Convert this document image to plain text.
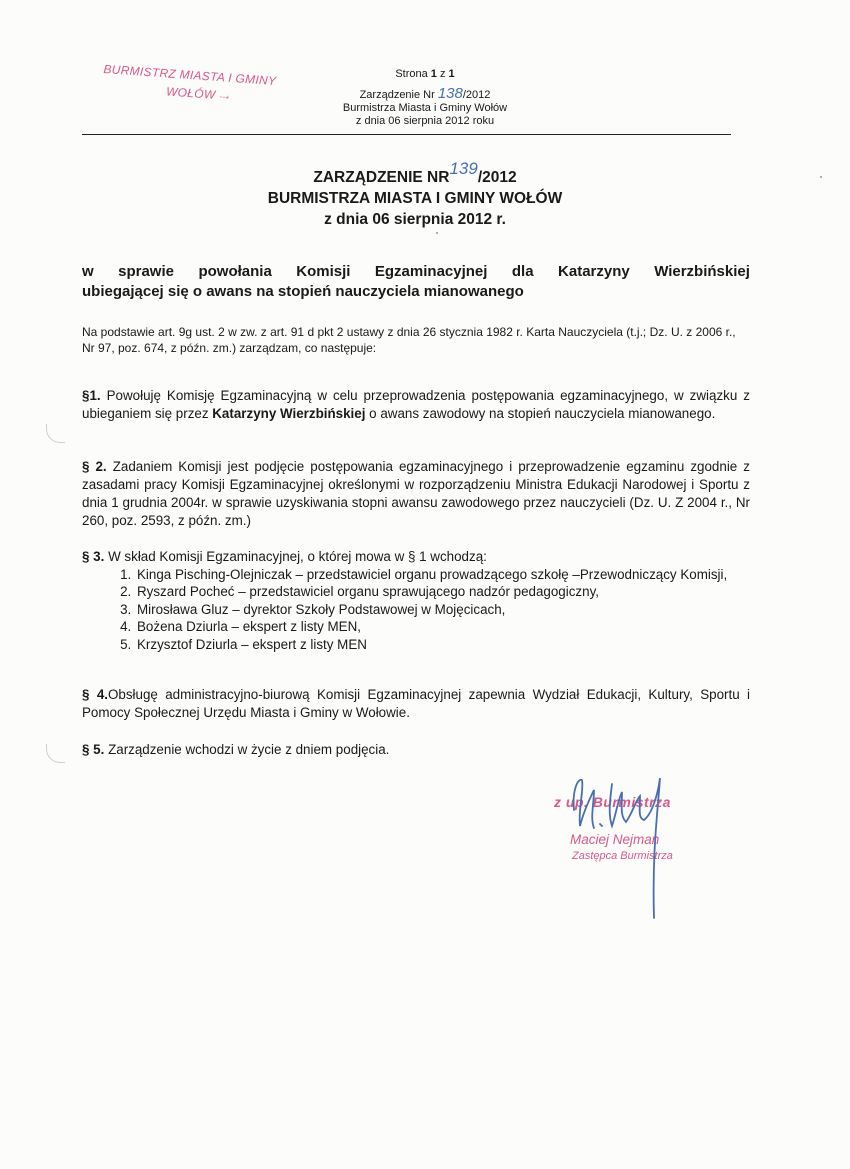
BURMISTRZ MIASTA I GMINY
WOŁÓW ⤏
Strona 1 z 1
Zarządzenie Nr 138/2012
Burmistrza Miasta i Gminy Wołów
z dnia 06 sierpnia 2012 roku
ZARZĄDZENIE NR139/2012
BURMISTRZA MIASTA I GMINY WOŁÓW
z dnia 06 sierpnia 2012 r.
w sprawie powołania Komisji Egzaminacyjnej dla Katarzyny Wierzbińskiej
ubiegającej się o awans na stopień nauczyciela mianowanego
Na podstawie art. 9g ust. 2 w zw. z art. 91 d pkt 2 ustawy z dnia 26 stycznia 1982 r. Karta Nauczyciela (t.j.; Dz. U. z 2006 r., Nr 97, poz. 674, z późn. zm.) zarządzam, co następuje:
§1. Powołuję Komisję Egzaminacyjną w celu przeprowadzenia postępowania egzaminacyjnego, w związku z ubieganiem się przez Katarzyny Wierzbińskiej o awans zawodowy na stopień nauczyciela mianowanego.
§ 2. Zadaniem Komisji jest podjęcie postępowania egzaminacyjnego i przeprowadzenie egzaminu zgodnie z zasadami pracy Komisji Egzaminacyjnej określonymi w rozporządzeniu Ministra Edukacji Narodowej i Sportu z dnia 1 grudnia 2004r. w sprawie uzyskiwania stopni awansu zawodowego przez nauczycieli (Dz. U. Z 2004 r., Nr 260, poz. 2593, z późn. zm.)
§ 3. W skład Komisji Egzaminacyjnej, o której mowa w § 1 wchodzą:
1. Kinga Pisching-Olejniczak – przedstawiciel organu prowadzącego szkołę –Przewodniczący Komisji,
2. Ryszard Pocheć – przedstawiciel organu sprawującego nadzór pedagogiczny,
3. Mirosława Gluz – dyrektor Szkoły Podstawowej w Mojęcicach,
4. Bożena Dziurla – ekspert z listy MEN,
5. Krzysztof Dziurla – ekspert z listy MEN
§ 4.Obsługę administracyjno-biurową Komisji Egzaminacyjnej zapewnia Wydział Edukacji, Kultury, Sportu i Pomocy Społecznej Urzędu Miasta i Gminy w Wołowie.
§ 5. Zarządzenie wchodzi w życie z dniem podjęcia.
z up. Burmistrza
Maciej Nejman
Zastępca Burmistrza
